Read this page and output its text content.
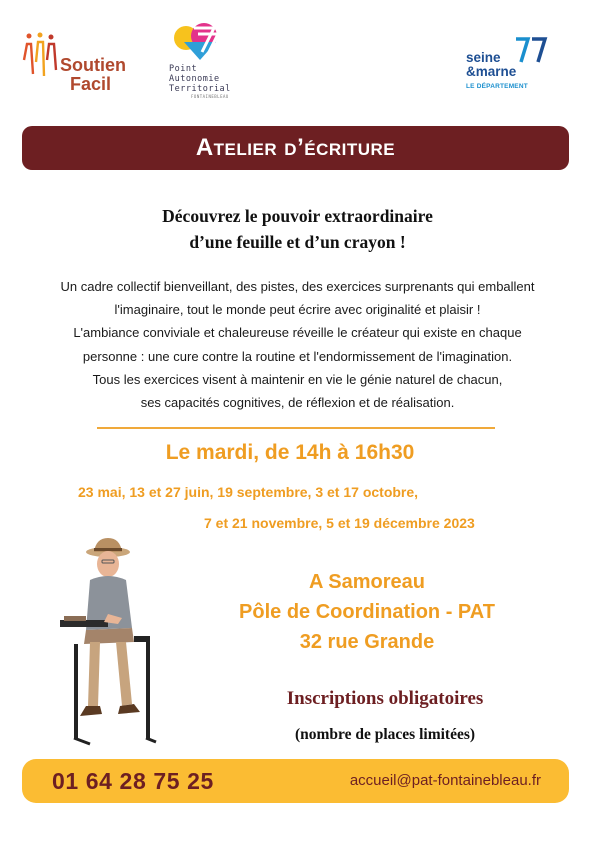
Soutien
Facil
Point
Autonomie
Territorial
FONTAINEBLEAU
seine
&marne
LE DÉPARTEMENT
Atelier d’écriture
Découvrez le pouvoir extraordinaire
d’une feuille et d’un crayon !
Un cadre collectif bienveillant, des pistes, des exercices surprenants qui emballent
l'imaginaire, tout le monde peut écrire avec originalité et plaisir !
L'ambiance conviviale et chaleureuse réveille le créateur qui existe en chaque
personne : une cure contre la routine et l'endormissement de l'imagination.
Tous les exercices visent à maintenir en vie le génie naturel de chacun,
ses capacités cognitives, de réflexion et de réalisation.
Le mardi, de 14h à 16h30
23 mai, 13 et 27 juin, 19 septembre, 3 et 17 octobre,
7 et 21 novembre, 5 et 19 décembre 2023
A Samoreau
Pôle de Coordination - PAT
32 rue Grande
Inscriptions obligatoires
(nombre de places limitées)
01 64 28 75 25	accueil@pat-fontainebleau.fr
